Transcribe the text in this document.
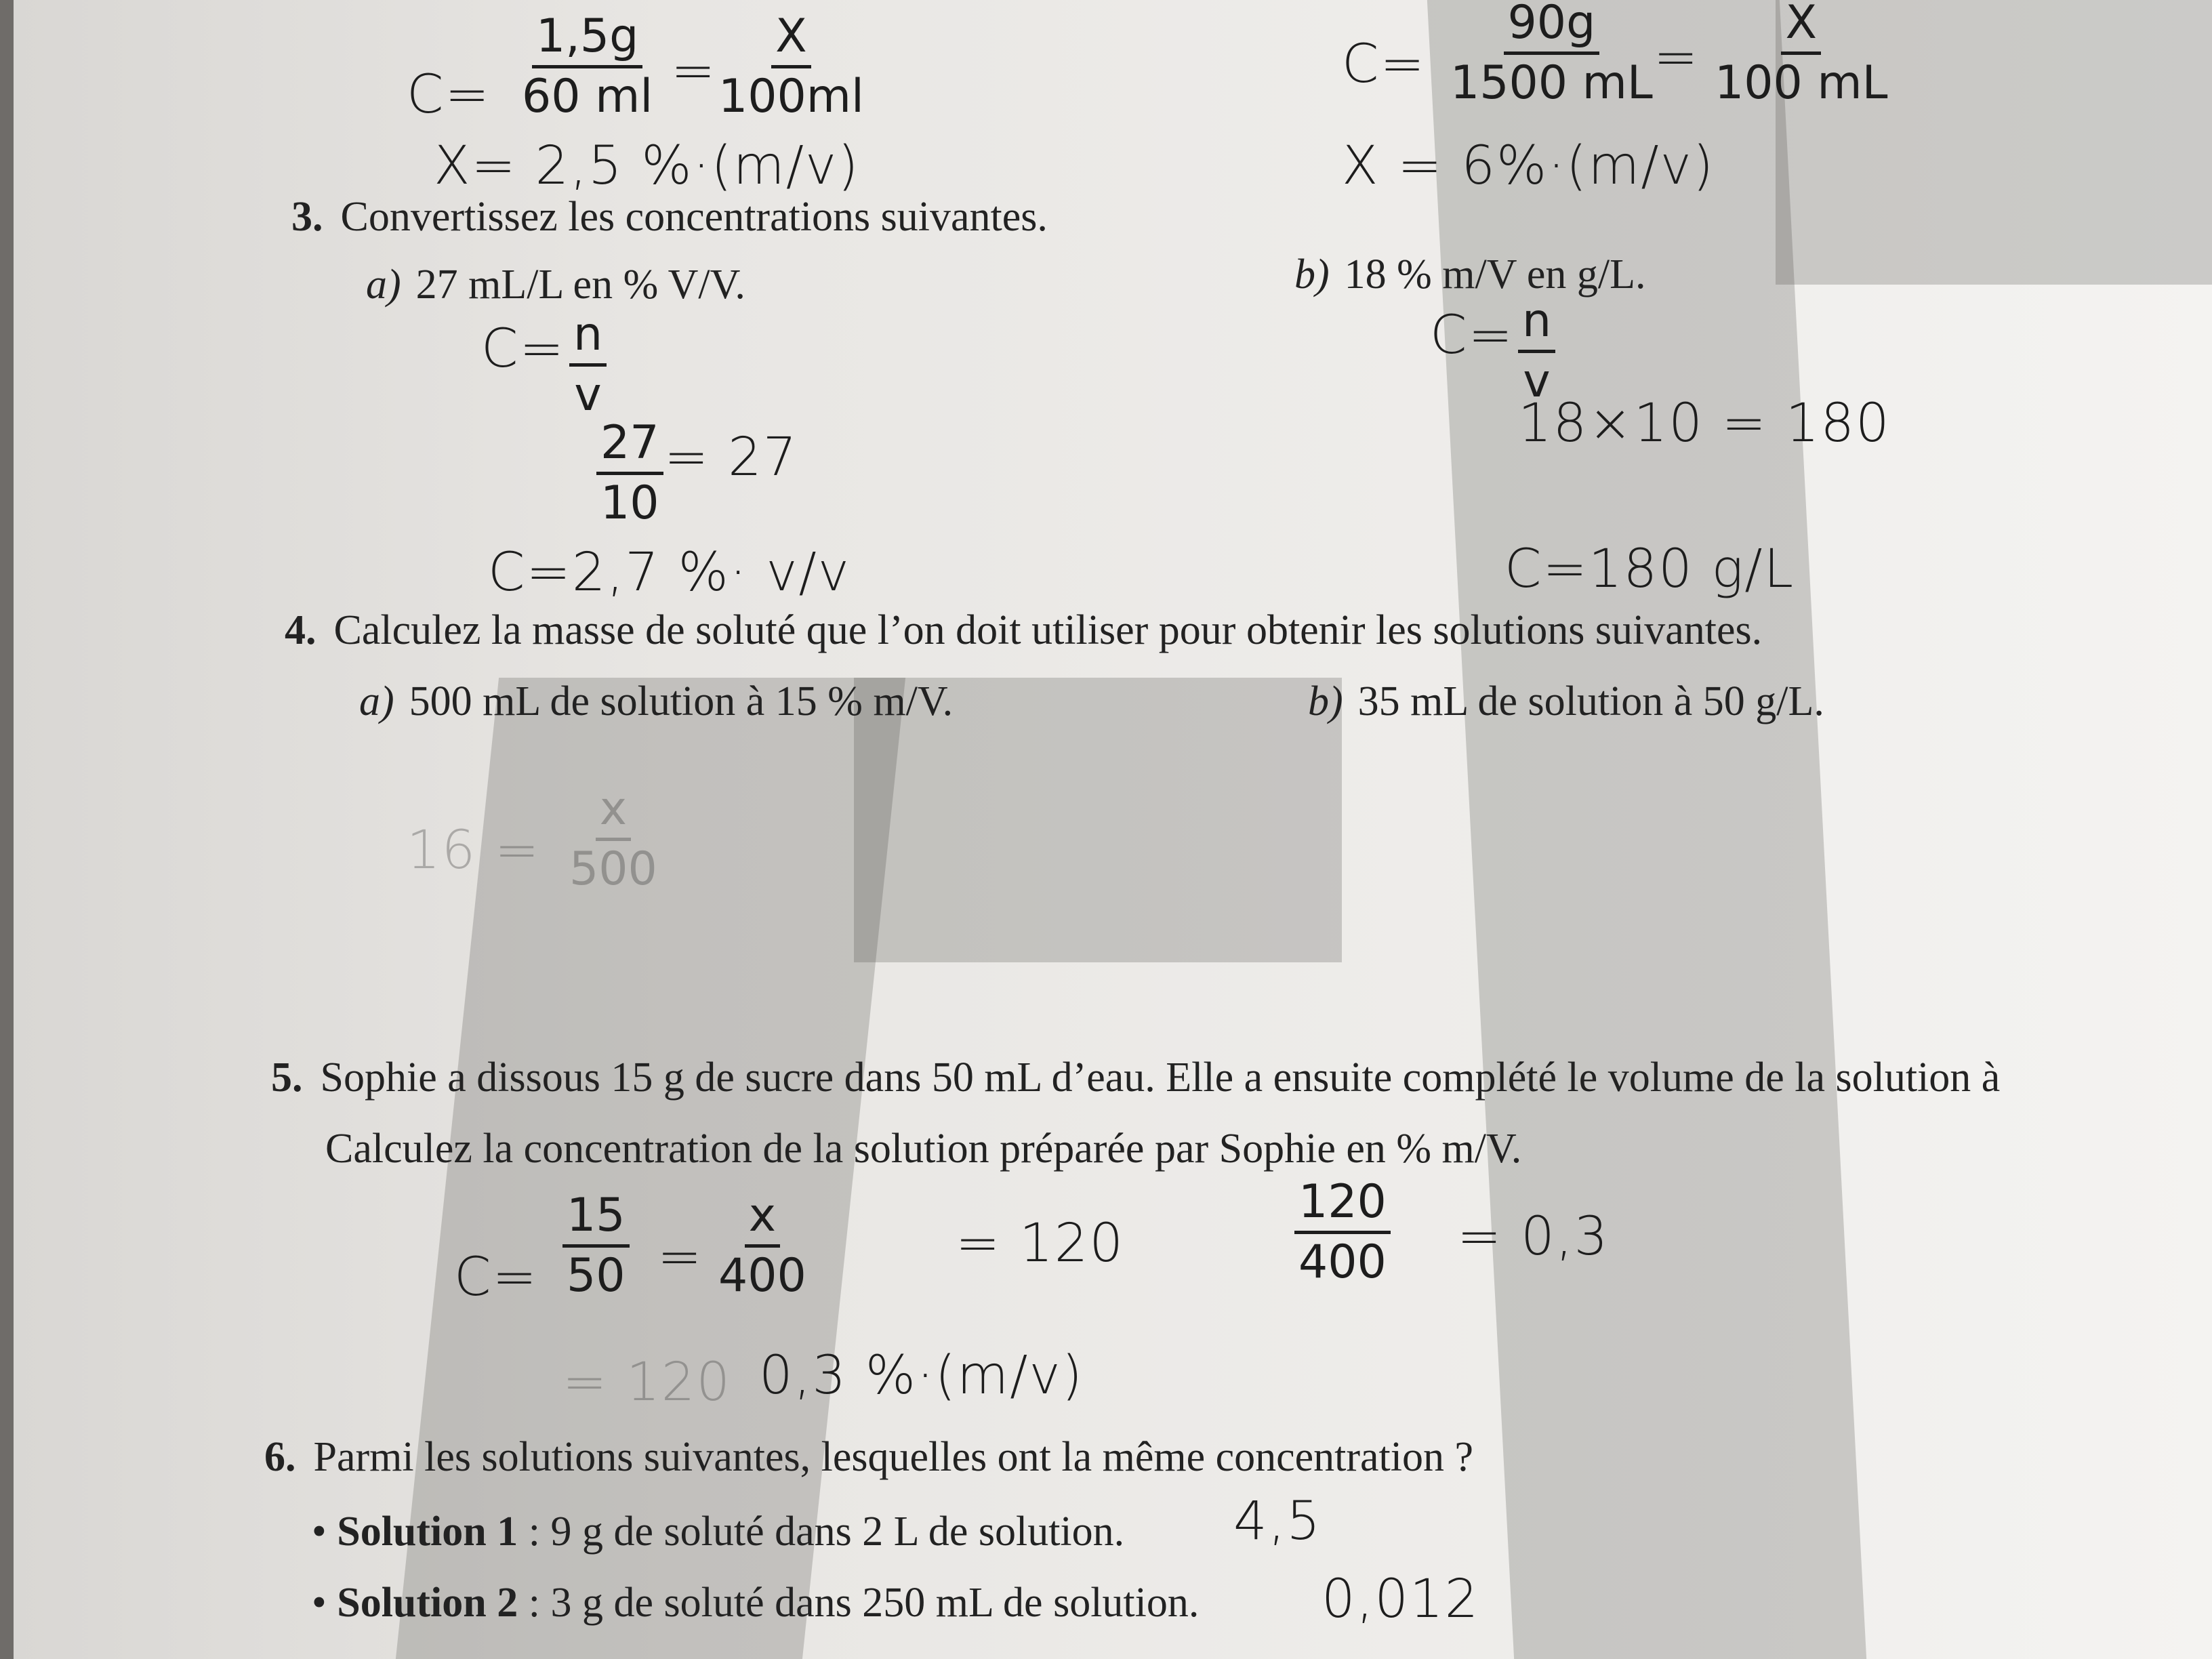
$C= \frac{1,5g}{60 ml} = \frac{X}{100ml}$
X= 2,5 %·(m/v)
$C= \frac{90g}{1500 mL} = \frac{X}{100 mL}$
X = 6%·(m/v)
3. Convertissez les concentrations suivantes.
a) 27 mL/L en % V/V.	b) 18 % m/V en g/L.
$C= \frac{n}{v}$
$\frac{27}{10} = 27$
C=2,7 %· v/v
$C= \frac{n}{v}$
18×10 = 180
C=180 g/L
4. Calculez la masse de soluté que l’on doit utiliser pour obtenir les solutions suivantes.
a) 500 mL de solution à 15 % m/V.	b) 35 mL de solution à 50 g/L.
$16 = \frac{x}{500}$
5. Sophie a dissous 15 g de sucre dans 50 mL d’eau. Elle a ensuite complété le volume de la solution à
Calculez la concentration de la solution préparée par Sophie en % m/V.
$C= \frac{15}{50} = \frac{x}{400}$	= 120	$\frac{120}{400} = 0,3$
= 120 0,3 %·(m/v)
6. Parmi les solutions suivantes, lesquelles ont la même concentration ?
• Solution 1 : 9 g de soluté dans 2 L de solution. 4,5
• Solution 2 : 3 g de soluté dans 250 mL de solution. 0,012
